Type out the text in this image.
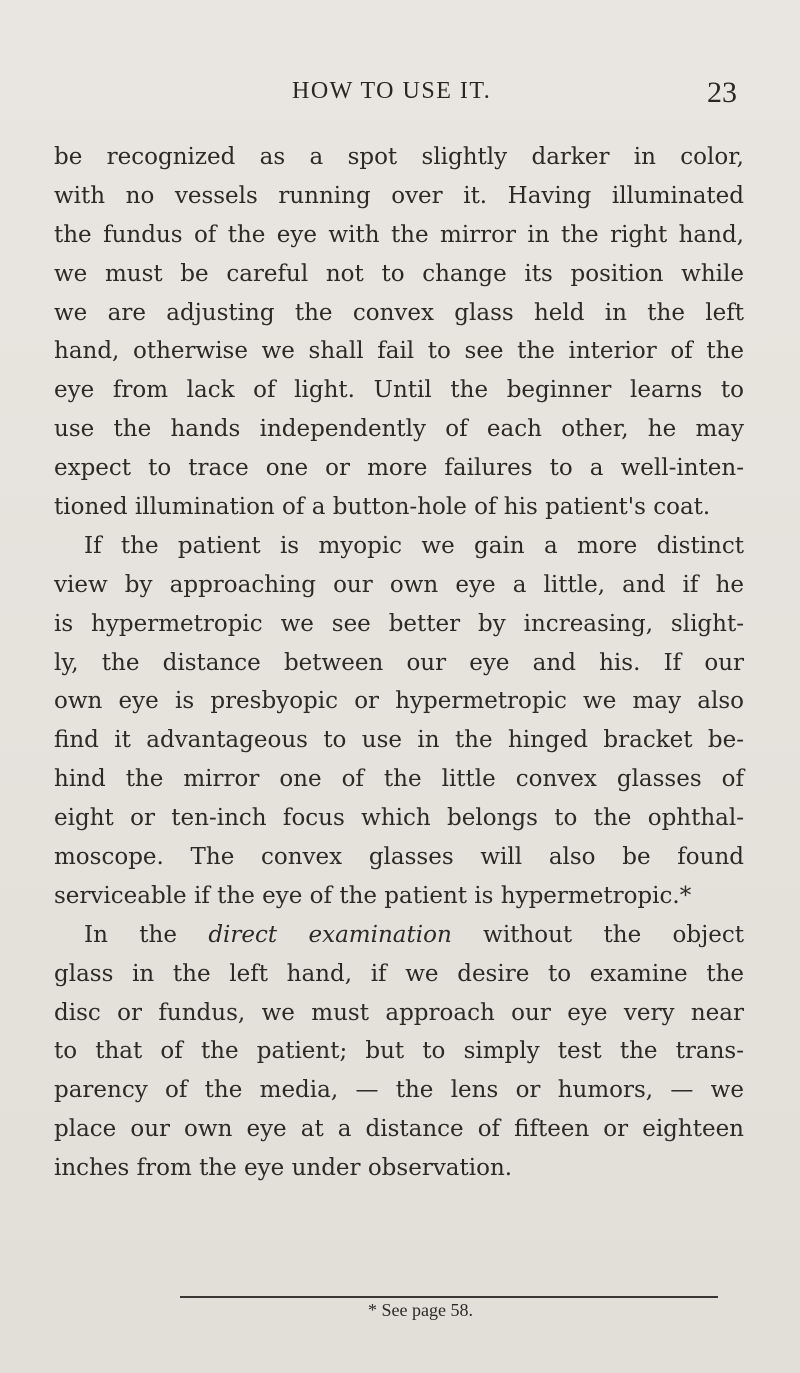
HOW TO USE IT.	23
be recognized as a spot slightly darker in color,
with no vessels running over it. Having illuminated
the fundus of the eye with the mirror in the right hand,
we must be careful not to change its position while
we are adjusting the convex glass held in the left
hand, otherwise we shall fail to see the interior of the
eye from lack of light. Until the beginner learns to
use the hands independently of each other, he may
expect to trace one or more failures to a well-inten-
tioned illumination of a button-hole of his patient's coat.
If the patient is myopic we gain a more distinct
view by approaching our own eye a little, and if he
is hypermetropic we see better by increasing, slight-
ly, the distance between our eye and his. If our
own eye is presbyopic or hypermetropic we may also
find it advantageous to use in the hinged bracket be-
hind the mirror one of the little convex glasses of
eight or ten-inch focus which belongs to the ophthal-
moscope. The convex glasses will also be found
serviceable if the eye of the patient is hypermetropic.*
In the direct examination without the object
glass in the left hand, if we desire to examine the
disc or fundus, we must approach our eye very near
to that of the patient; but to simply test the trans-
parency of the media, — the lens or humors, — we
place our own eye at a distance of fifteen or eighteen
inches from the eye under observation.
* See page 58.
